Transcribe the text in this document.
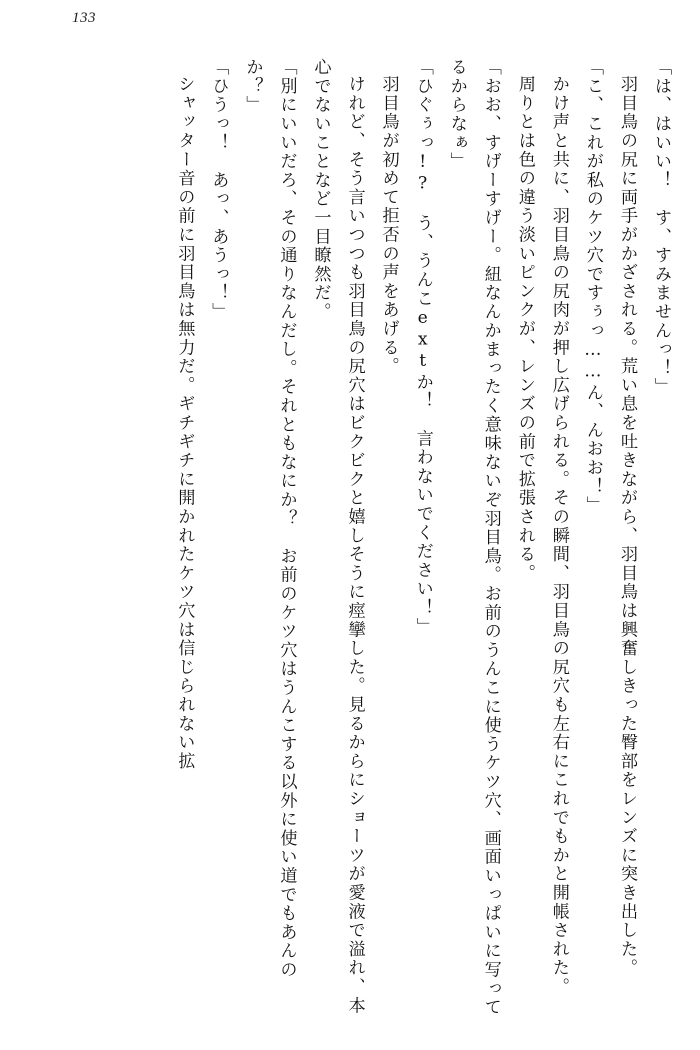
133

「は、はいい！　す、すみませんっ！」

羽目鳥の尻に両手がかざされる。荒い息を吐きながら、羽目鳥は興奮しきった臀部をレンズに突き出した。

「こ、これが私のケツ穴ですぅっ……ん、んおお！」

かけ声と共に、羽目鳥の尻肉が押し広げられる。その瞬間、羽目鳥の尻穴も左右にこれでもかと開帳された。

周りとは色の違う淡いピンクが、レンズの前で拡張される。

「おお、すげーすげー。紐なんかまったく意味ないぞ羽目鳥。お前のうんこに使うケツ穴、画面いっぱいに写ってるからなぁ」

「ひぐぅっ!?　う、うんこextか！　言わないでください！」

羽目鳥が初めて拒否の声をあげる。

けれど、そう言いつつも羽目鳥の尻穴はビクビクと嬉しそうに痙攣した。見るからにショーツが愛液で溢れ、本心でないことなど一目瞭然だ。

「別にいいだろ、その通りなんだし。それともなにか？　お前のケツ穴はうんこする以外に使い道でもあんのか？」

「ひうっ！　あっ、あうっ！」

シャッター音の前に羽目鳥は無力だ。ギチギチに開かれたケツ穴は信じられない拡
